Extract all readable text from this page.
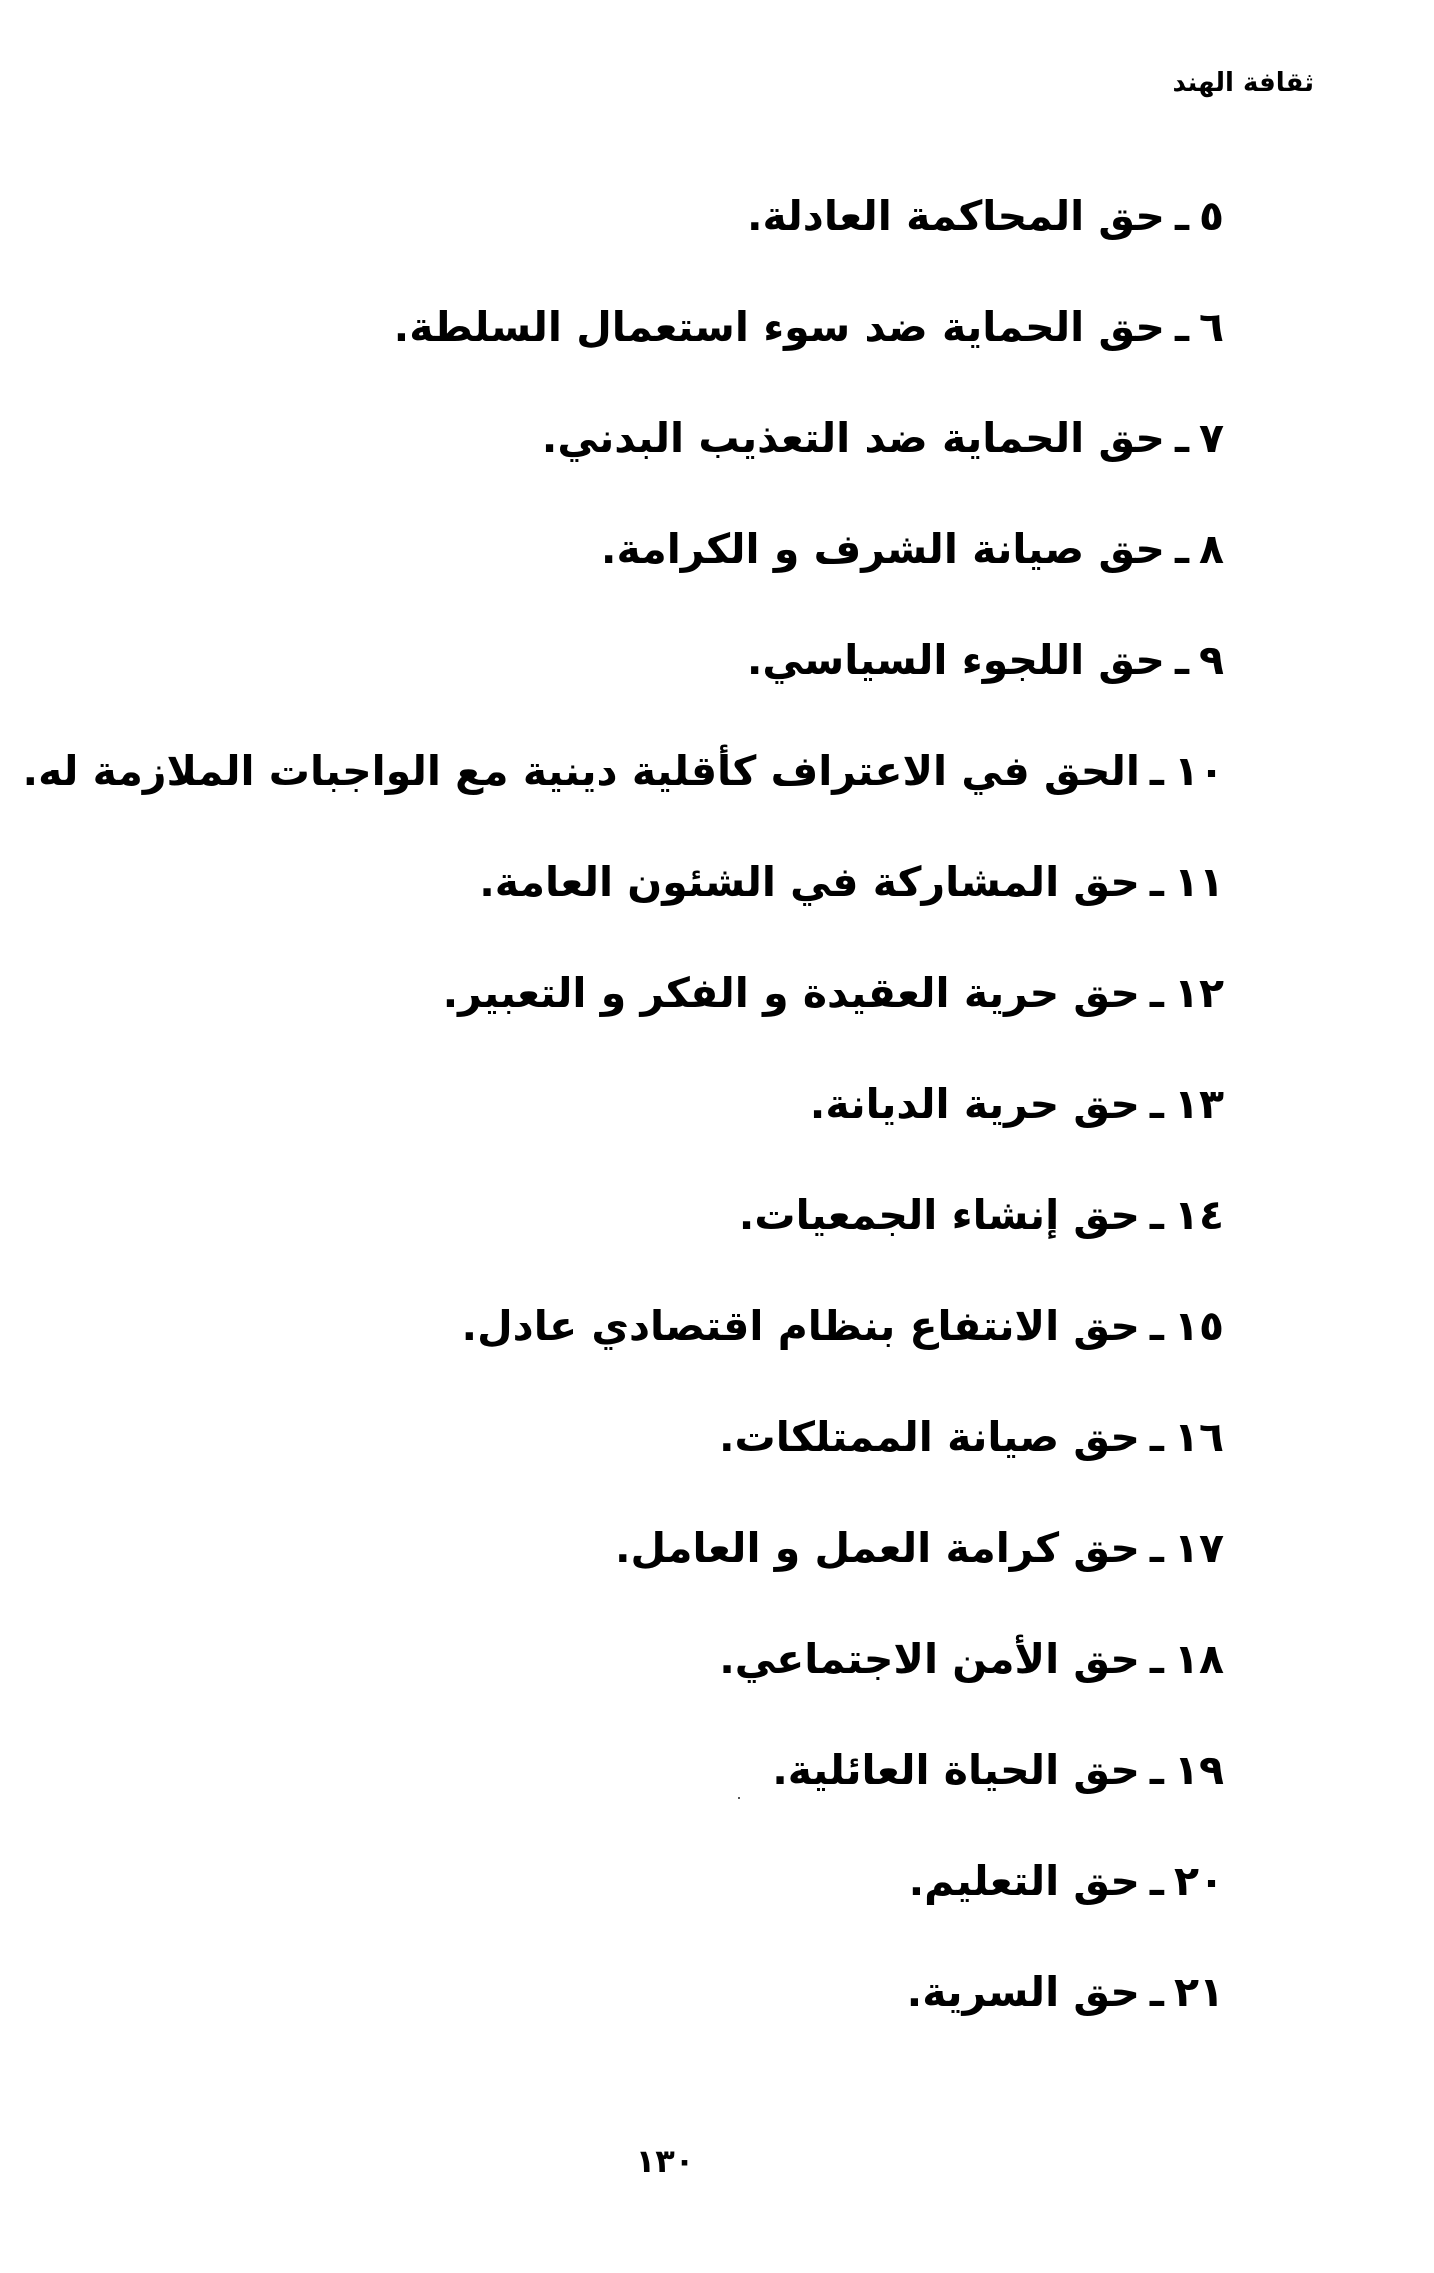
ثقافة الهند
٥ـحق المحاكمة العادلة.
٦ـحق الحماية ضد سوء استعمال السلطة.
٧ـحق الحماية ضد التعذيب البدني.
٨ـحق صيانة الشرف و الكرامة.
٩ـحق اللجوء السياسي.
١٠ـالحق في الاعتراف كأقلية دينية مع الواجبات الملازمة له.
١١ـحق المشاركة في الشئون العامة.
١٢ـحق حرية العقيدة و الفكر و التعبير.
١٣ـحق حرية الديانة.
١٤ـحق إنشاء الجمعيات.
١٥ـحق الانتفاع بنظام اقتصادي عادل.
١٦ـحق صيانة الممتلكات.
١٧ـحق كرامة العمل و العامل.
١٨ـحق الأمن الاجتماعي.
١٩ـحق الحياة العائلية.
٢٠ـحق التعليم.
٢١ـحق السرية.
١٣٠
